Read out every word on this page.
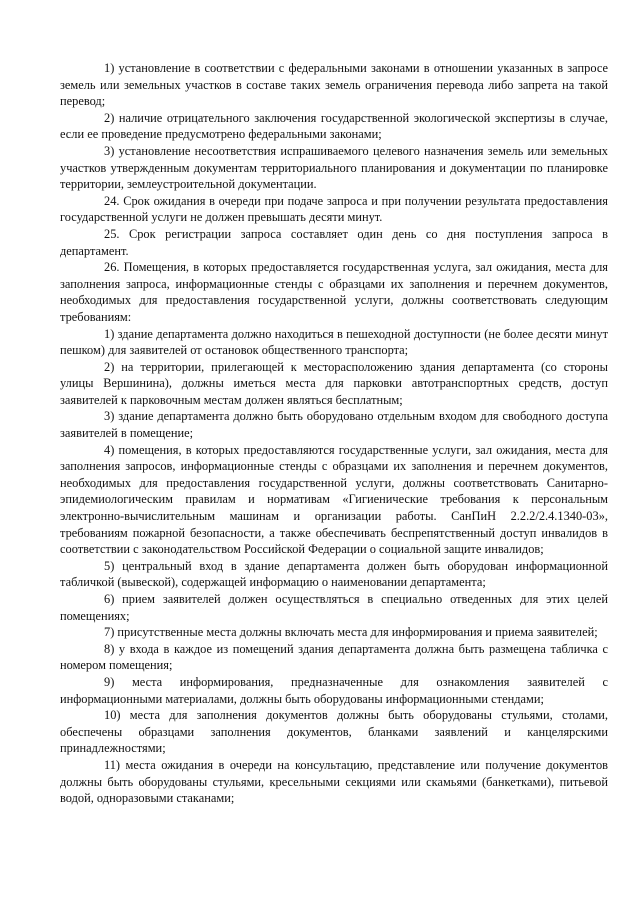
1) установление в соответствии с федеральными законами в отношении указанных в запросе земель или земельных участков в составе таких земель ограничения перевода либо запрета на такой перевод;

2) наличие отрицательного заключения государственной экологической экспертизы в случае, если ее проведение предусмотрено федеральными законами;

3) установление несоответствия испрашиваемого целевого назначения земель или земельных участков утвержденным документам территориального планирования и документации по планировке территории, землеустроительной документации.

24. Срок ожидания в очереди при подаче запроса и при получении результата предоставления государственной услуги не должен превышать десяти минут.

25. Срок регистрации запроса составляет один день со дня поступления запроса в департамент.

26. Помещения, в которых предоставляется государственная услуга, зал ожидания, места для заполнения запроса, информационные стенды с образцами их заполнения и перечнем документов, необходимых для предоставления государственной услуги, должны соответствовать следующим требованиям:

1) здание департамента должно находиться в пешеходной доступности (не более десяти минут пешком) для заявителей от остановок общественного транспорта;

2) на территории, прилегающей к месторасположению здания департамента (со стороны улицы Вершинина), должны иметься места для парковки автотранспортных средств, доступ заявителей к парковочным местам должен являться бесплатным;

3) здание департамента должно быть оборудовано отдельным входом для свободного доступа заявителей в помещение;

4) помещения, в которых предоставляются государственные услуги, зал ожидания, места для заполнения запросов, информационные стенды с образцами их заполнения и перечнем документов, необходимых для предоставления государственной услуги, должны соответствовать Санитарно-эпидемиологическим правилам и нормативам «Гигиенические требования к персональным электронно-вычислительным машинам и организации работы. СанПиН 2.2.2/2.4.1340-03», требованиям пожарной безопасности, а также обеспечивать беспрепятственный доступ инвалидов в соответствии с законодательством Российской Федерации о социальной защите инвалидов;

5) центральный вход в здание департамента должен быть оборудован информационной табличкой (вывеской), содержащей информацию о наименовании департамента;

6) прием заявителей должен осуществляться в специально отведенных для этих целей помещениях;

7) присутственные места должны включать места для информирования и приема заявителей;

8) у входа в каждое из помещений здания департамента должна быть размещена табличка с номером помещения;

9) места информирования, предназначенные для ознакомления заявителей с информационными материалами, должны быть оборудованы информационными стендами;

10) места для заполнения документов должны быть оборудованы стульями, столами, обеспечены образцами заполнения документов, бланками заявлений и канцелярскими принадлежностями;

11) места ожидания в очереди на консультацию, представление или получение документов должны быть оборудованы стульями, кресельными секциями или скамьями (банкетками), питьевой водой, одноразовыми стаканами;
